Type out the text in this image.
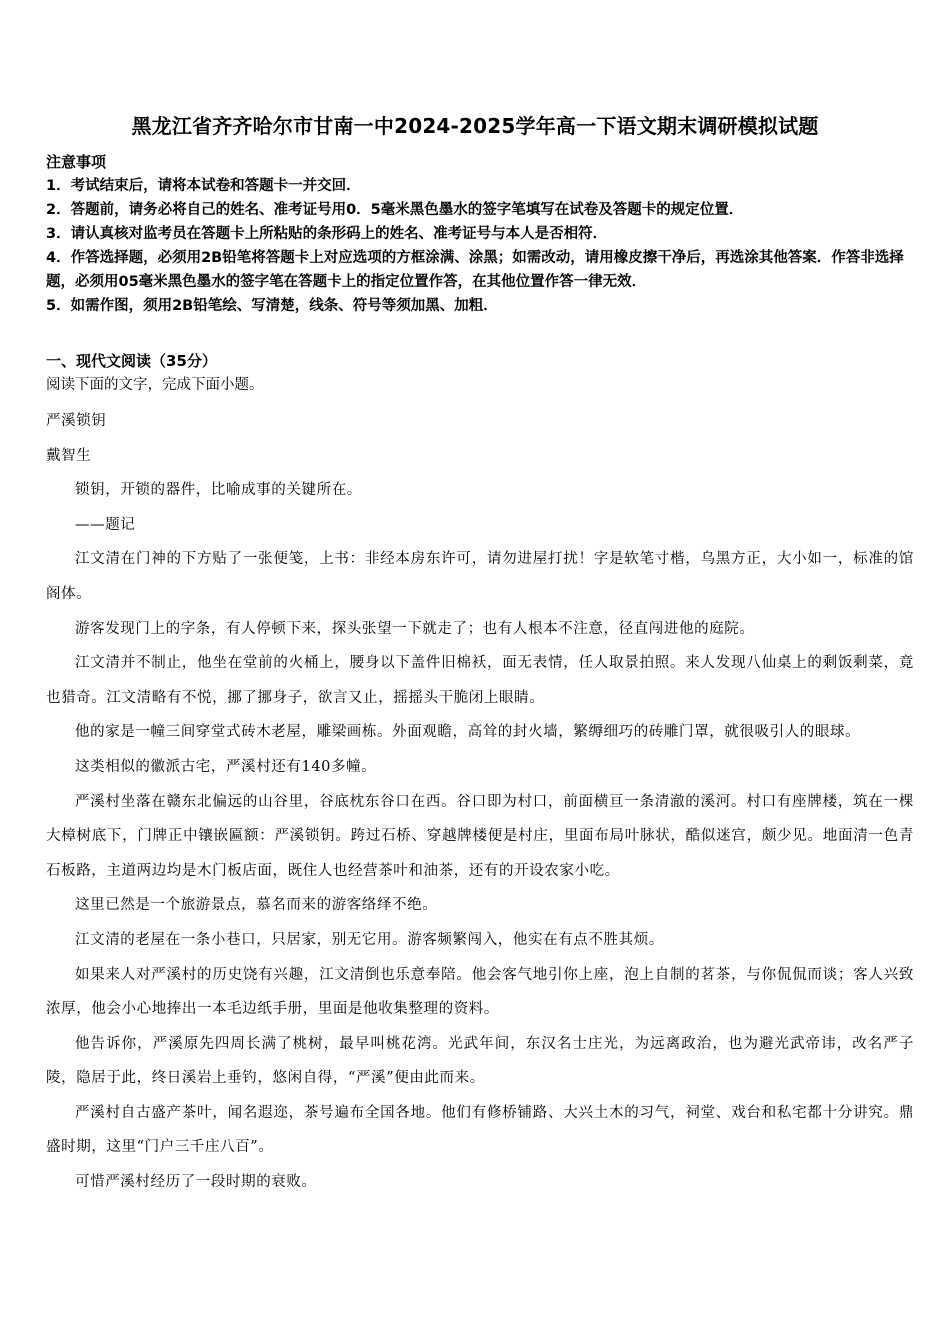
黑龙江省齐齐哈尔市甘南一中2024-2025学年高一下语文期末调研模拟试题
注意事项

1．考试结束后，请将本试卷和答题卡一并交回．

2．答题前，请务必将自己的姓名、准考证号用0．5毫米黑色墨水的签字笔填写在试卷及答题卡的规定位置．

3．请认真核对监考员在答题卡上所粘贴的条形码上的姓名、准考证号与本人是否相符．

4．作答选择题，必须用2B铅笔将答题卡上对应选项的方框涂满、涂黑；如需改动，请用橡皮擦干净后，再选涂其他答案．作答非选择题，必须用05毫米黑色墨水的签字笔在答题卡上的指定位置作答，在其他位置作答一律无效．

5．如需作图，须用2B铅笔绘、写清楚，线条、符号等须加黑、加粗．

一、现代文阅读（35分）
阅读下面的文字，完成下面小题。

严溪锁钥

戴智生

锁钥，开锁的器件，比喻成事的关键所在。

——题记

江文清在门神的下方贴了一张便笺，上书：非经本房东许可，请勿进屋打扰！字是软笔寸楷，乌黑方正，大小如一，标准的馆阁体。

游客发现门上的字条，有人停顿下来，探头张望一下就走了；也有人根本不注意，径直闯进他的庭院。

江文清并不制止，他坐在堂前的火桶上，腰身以下盖件旧棉袄，面无表情，任人取景拍照。来人发现八仙桌上的剩饭剩菜，竟也猎奇。江文清略有不悦，挪了挪身子，欲言又止，摇摇头干脆闭上眼睛。

他的家是一幢三间穿堂式砖木老屋，雕梁画栋。外面观瞻，高耸的封火墙，繁缛细巧的砖雕门罩，就很吸引人的眼球。

这类相似的徽派古宅，严溪村还有140多幢。

严溪村坐落在赣东北偏远的山谷里，谷底枕东谷口在西。谷口即为村口，前面横亘一条清澈的溪河。村口有座牌楼，筑在一棵大樟树底下，门牌正中镶嵌匾额：严溪锁钥。跨过石桥、穿越牌楼便是村庄，里面布局叶脉状，酷似迷宫，颇少见。地面清一色青石板路，主道两边均是木门板店面，既住人也经营茶叶和油茶，还有的开设农家小吃。

这里已然是一个旅游景点，慕名而来的游客络绎不绝。

江文清的老屋在一条小巷口，只居家，别无它用。游客频繁闯入，他实在有点不胜其烦。

如果来人对严溪村的历史饶有兴趣，江文清倒也乐意奉陪。他会客气地引你上座，泡上自制的茗茶，与你侃侃而谈；客人兴致浓厚，他会小心地捧出一本毛边纸手册，里面是他收集整理的资料。

他告诉你，严溪原先四周长满了桃树，最早叫桃花湾。光武年间，东汉名士庄光，为远离政治，也为避光武帝讳，改名严子陵，隐居于此，终日溪岩上垂钓，悠闲自得，“严溪”便由此而来。

严溪村自古盛产茶叶，闻名遐迩，茶号遍布全国各地。他们有修桥铺路、大兴土木的习气，祠堂、戏台和私宅都十分讲究。鼎盛时期，这里“门户三千庄八百”。

可惜严溪村经历了一段时期的衰败。
